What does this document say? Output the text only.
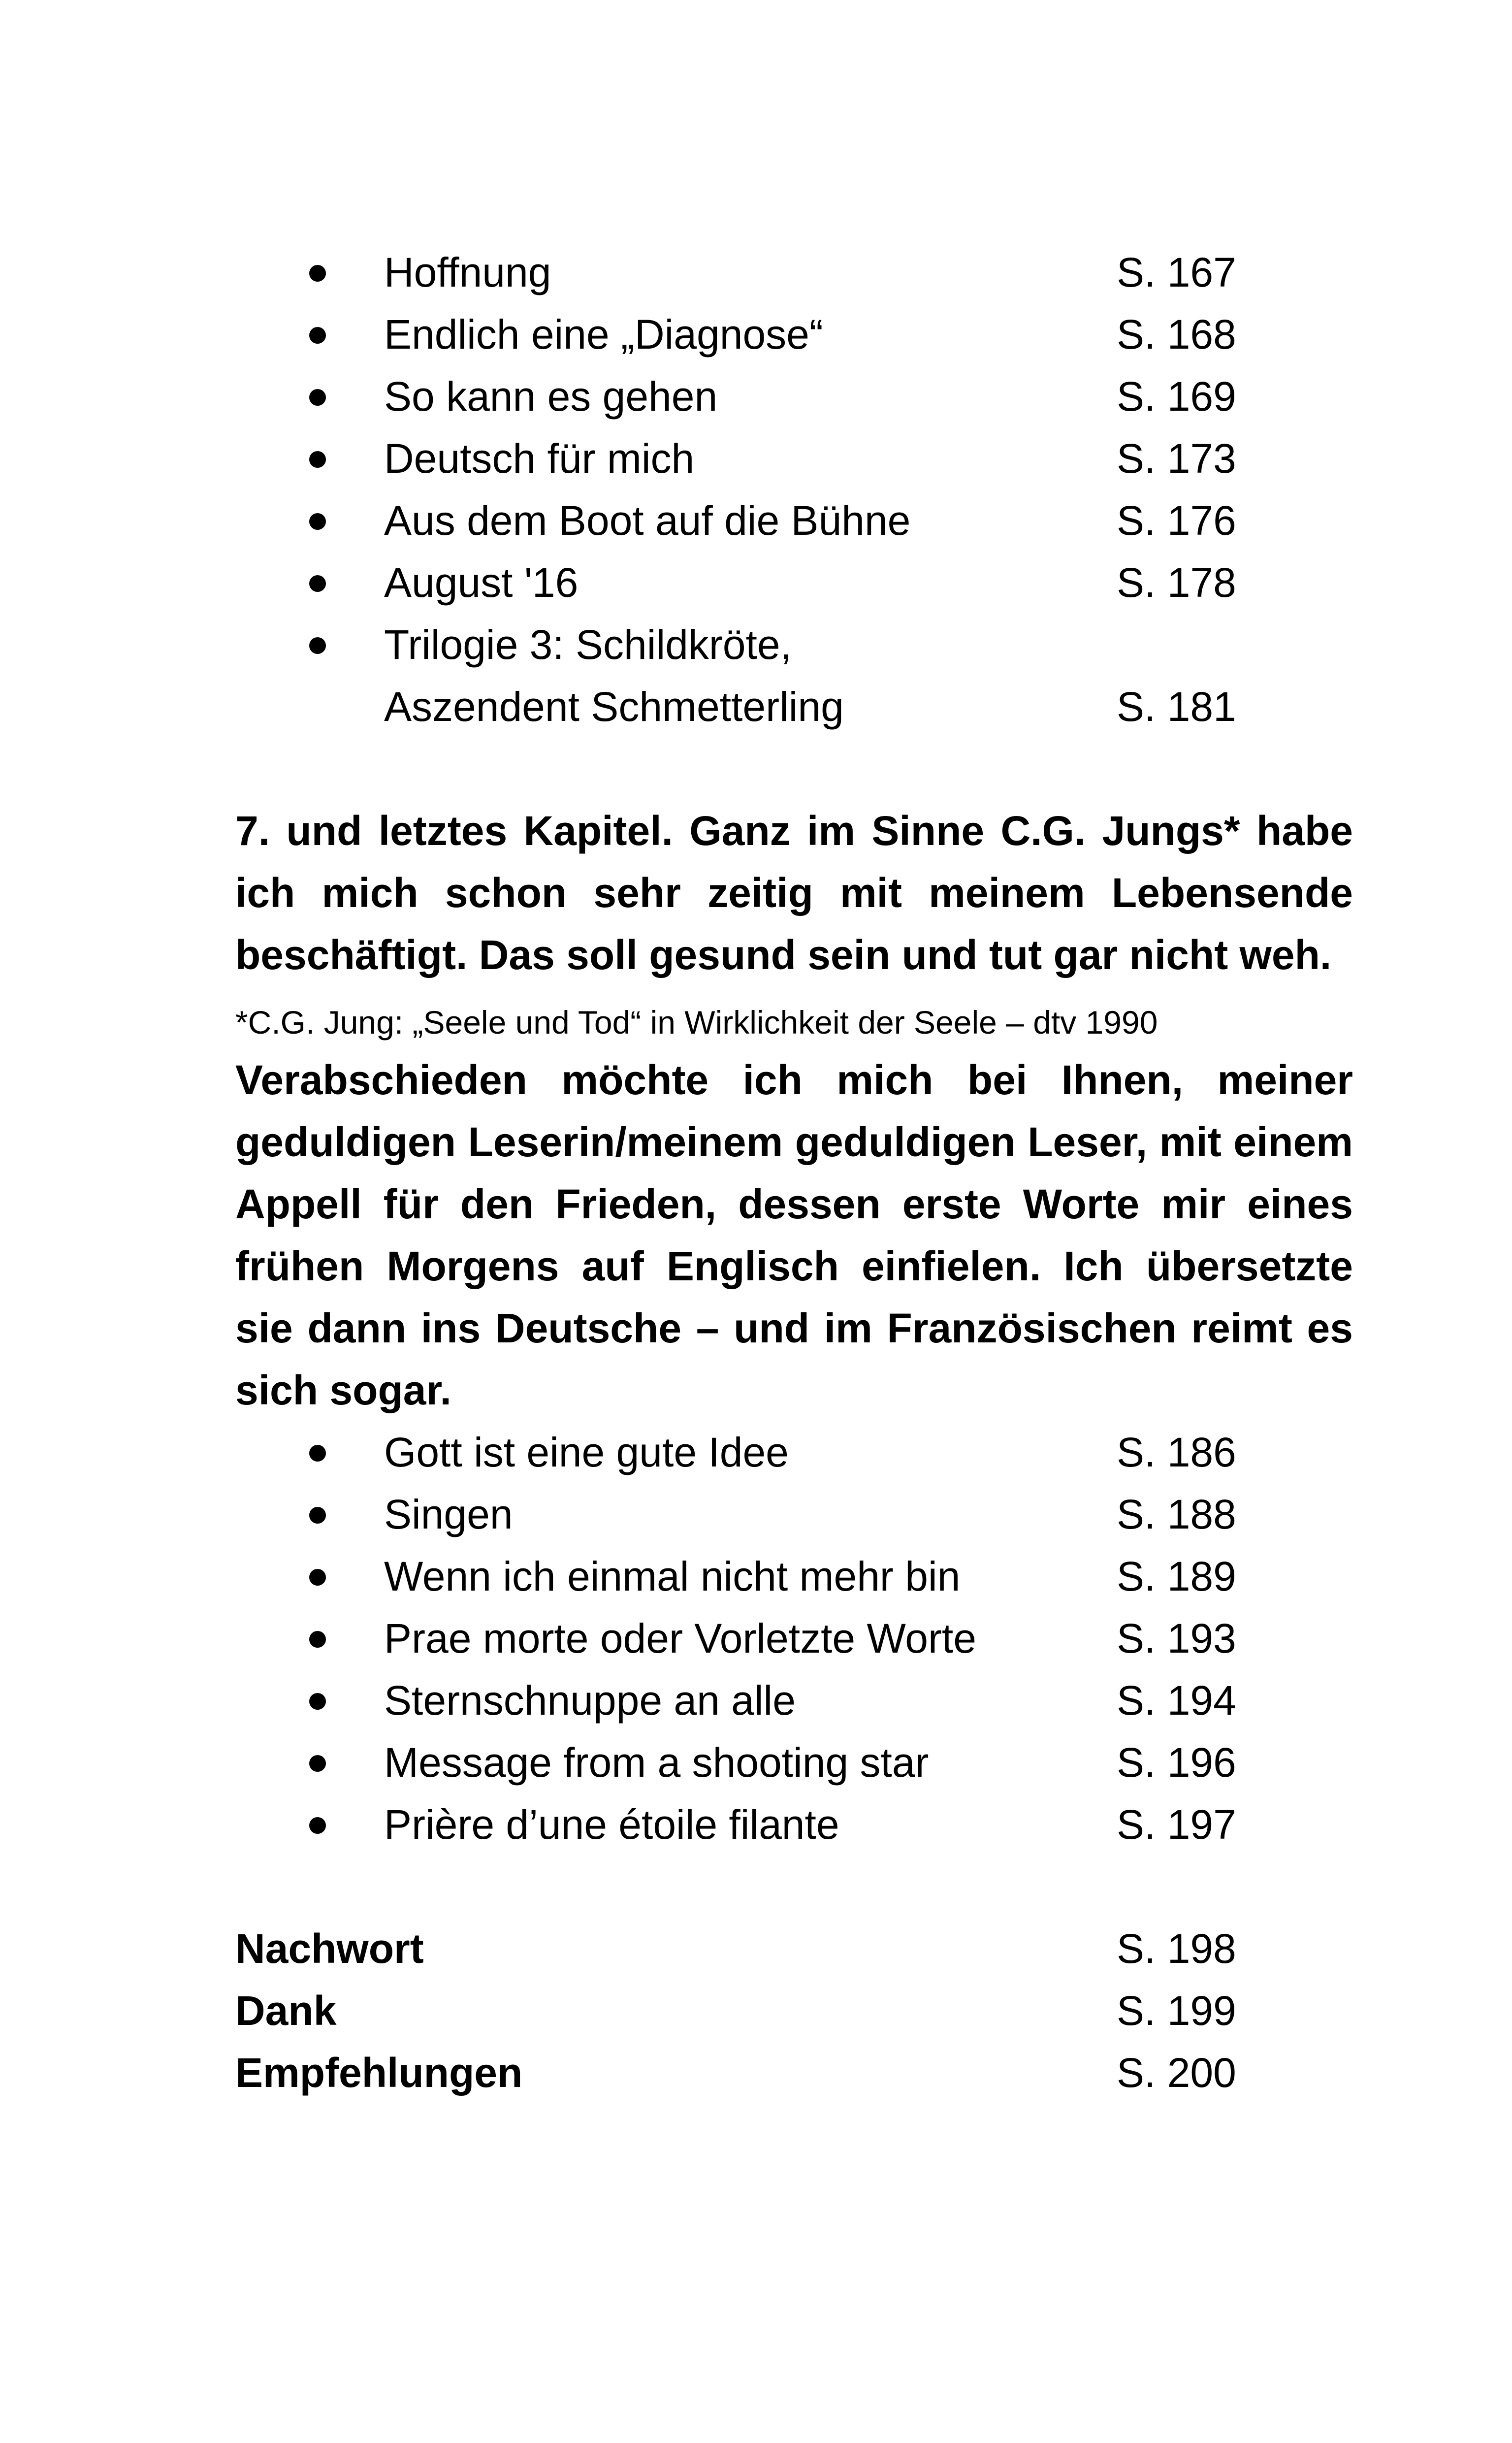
Hoffnung	S. 167
Endlich eine „Diagnose“	S. 168
So kann es gehen	S. 169
Deutsch für mich	S. 173
Aus dem Boot auf die Bühne	S. 176
August '16	S. 178
Trilogie 3: Schildkröte,
Aszendent Schmetterling	S. 181

7. und letztes Kapitel. Ganz im Sinne C.G. Jungs* habe ich mich schon sehr zeitig mit meinem Lebensende beschäftigt. Das soll gesund sein und tut gar nicht weh.

*C.G. Jung: „Seele und Tod“ in Wirklichkeit der Seele – dtv 1990

Verabschieden möchte ich mich bei Ihnen, meiner geduldigen Leserin/meinem geduldigen Leser, mit einem Appell für den Frieden, dessen erste Worte mir eines frühen Morgens auf Englisch einfielen. Ich übersetzte sie dann ins Deutsche – und im Französischen reimt es sich sogar.

Gott ist eine gute Idee	S. 186
Singen	S. 188
Wenn ich einmal nicht mehr bin	S. 189
Prae morte oder Vorletzte Worte	S. 193
Sternschnuppe an alle	S. 194
Message from a shooting star	S. 196
Prière d’une étoile filante	S. 197
Nachwort	S. 198
Dank	S. 199
Empfehlungen	S. 200
